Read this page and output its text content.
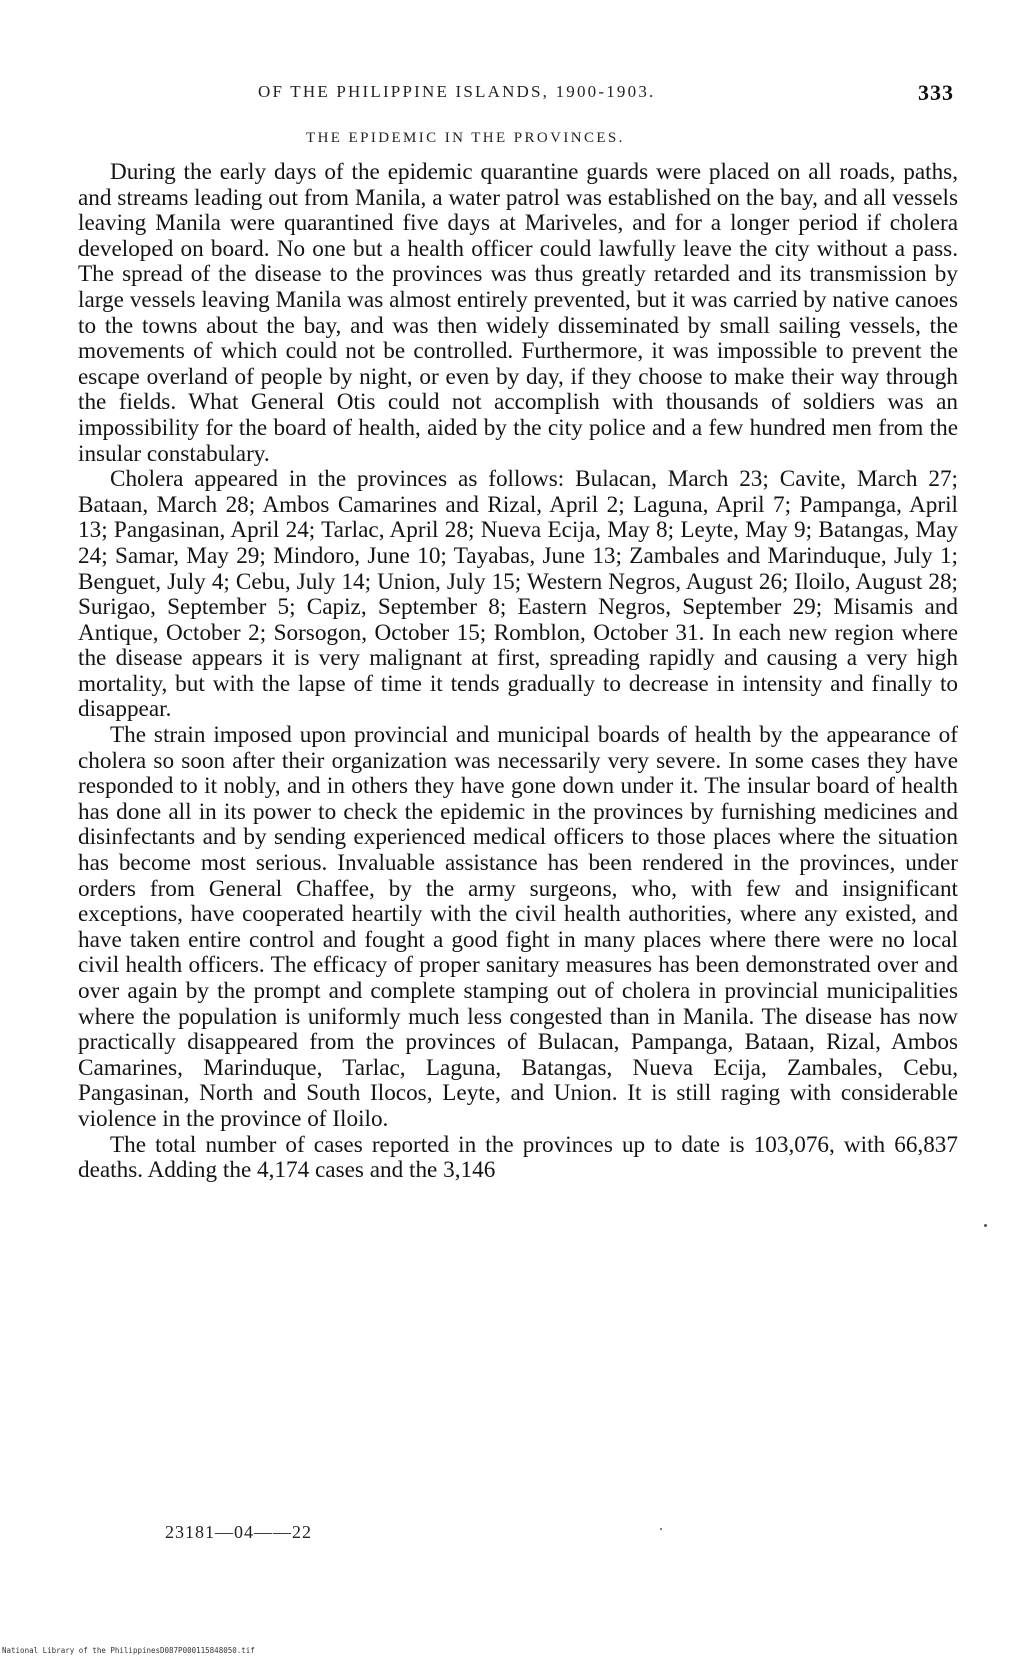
OF THE PHILIPPINE ISLANDS, 1900-1903.	333
THE EPIDEMIC IN THE PROVINCES.

During the early days of the epidemic quarantine guards were placed on all roads, paths, and streams leading out from Manila, a water patrol was established on the bay, and all vessels leaving Manila were quarantined five days at Mariveles, and for a longer period if cholera developed on board. No one but a health officer could lawfully leave the city without a pass. The spread of the disease to the provinces was thus greatly retarded and its transmission by large vessels leaving Manila was almost entirely prevented, but it was carried by native canoes to the towns about the bay, and was then widely disseminated by small sailing vessels, the movements of which could not be controlled. Furthermore, it was impossible to prevent the escape overland of people by night, or even by day, if they choose to make their way through the fields. What General Otis could not accomplish with thousands of soldiers was an impossibility for the board of health, aided by the city police and a few hundred men from the insular constabulary.

Cholera appeared in the provinces as follows: Bulacan, March 23; Cavite, March 27; Bataan, March 28; Ambos Camarines and Rizal, April 2; Laguna, April 7; Pampanga, April 13; Pangasinan, April 24; Tarlac, April 28; Nueva Ecija, May 8; Leyte, May 9; Batangas, May 24; Samar, May 29; Mindoro, June 10; Tayabas, June 13; Zambales and Marinduque, July 1; Benguet, July 4; Cebu, July 14; Union, July 15; Western Negros, August 26; Iloilo, August 28; Surigao, September 5; Capiz, September 8; Eastern Negros, September 29; Misamis and Antique, October 2; Sorsogon, October 15; Romblon, October 31. In each new region where the disease appears it is very malignant at first, spreading rapidly and causing a very high mortality, but with the lapse of time it tends gradually to decrease in intensity and finally to disappear.

The strain imposed upon provincial and municipal boards of health by the appearance of cholera so soon after their organization was necessarily very severe. In some cases they have responded to it nobly, and in others they have gone down under it. The insular board of health has done all in its power to check the epidemic in the provinces by furnishing medicines and disinfectants and by sending experienced medical officers to those places where the situation has become most serious. Invaluable assistance has been rendered in the provinces, under orders from General Chaffee, by the army surgeons, who, with few and insignificant exceptions, have cooperated heartily with the civil health authorities, where any existed, and have taken entire control and fought a good fight in many places where there were no local civil health officers. The efficacy of proper sanitary measures has been demonstrated over and over again by the prompt and complete stamping out of cholera in provincial municipalities where the population is uniformly much less congested than in Manila. The disease has now practically disappeared from the provinces of Bulacan, Pampanga, Bataan, Rizal, Ambos Camarines, Marinduque, Tarlac, Laguna, Batangas, Nueva Ecija, Zambales, Cebu, Pangasinan, North and South Ilocos, Leyte, and Union. It is still raging with considerable violence in the province of Iloilo.

The total number of cases reported in the provinces up to date is 103,076, with 66,837 deaths. Adding the 4,174 cases and the 3,146

23181—04——22
National Library of the Philippines D087P000115848050.tif
